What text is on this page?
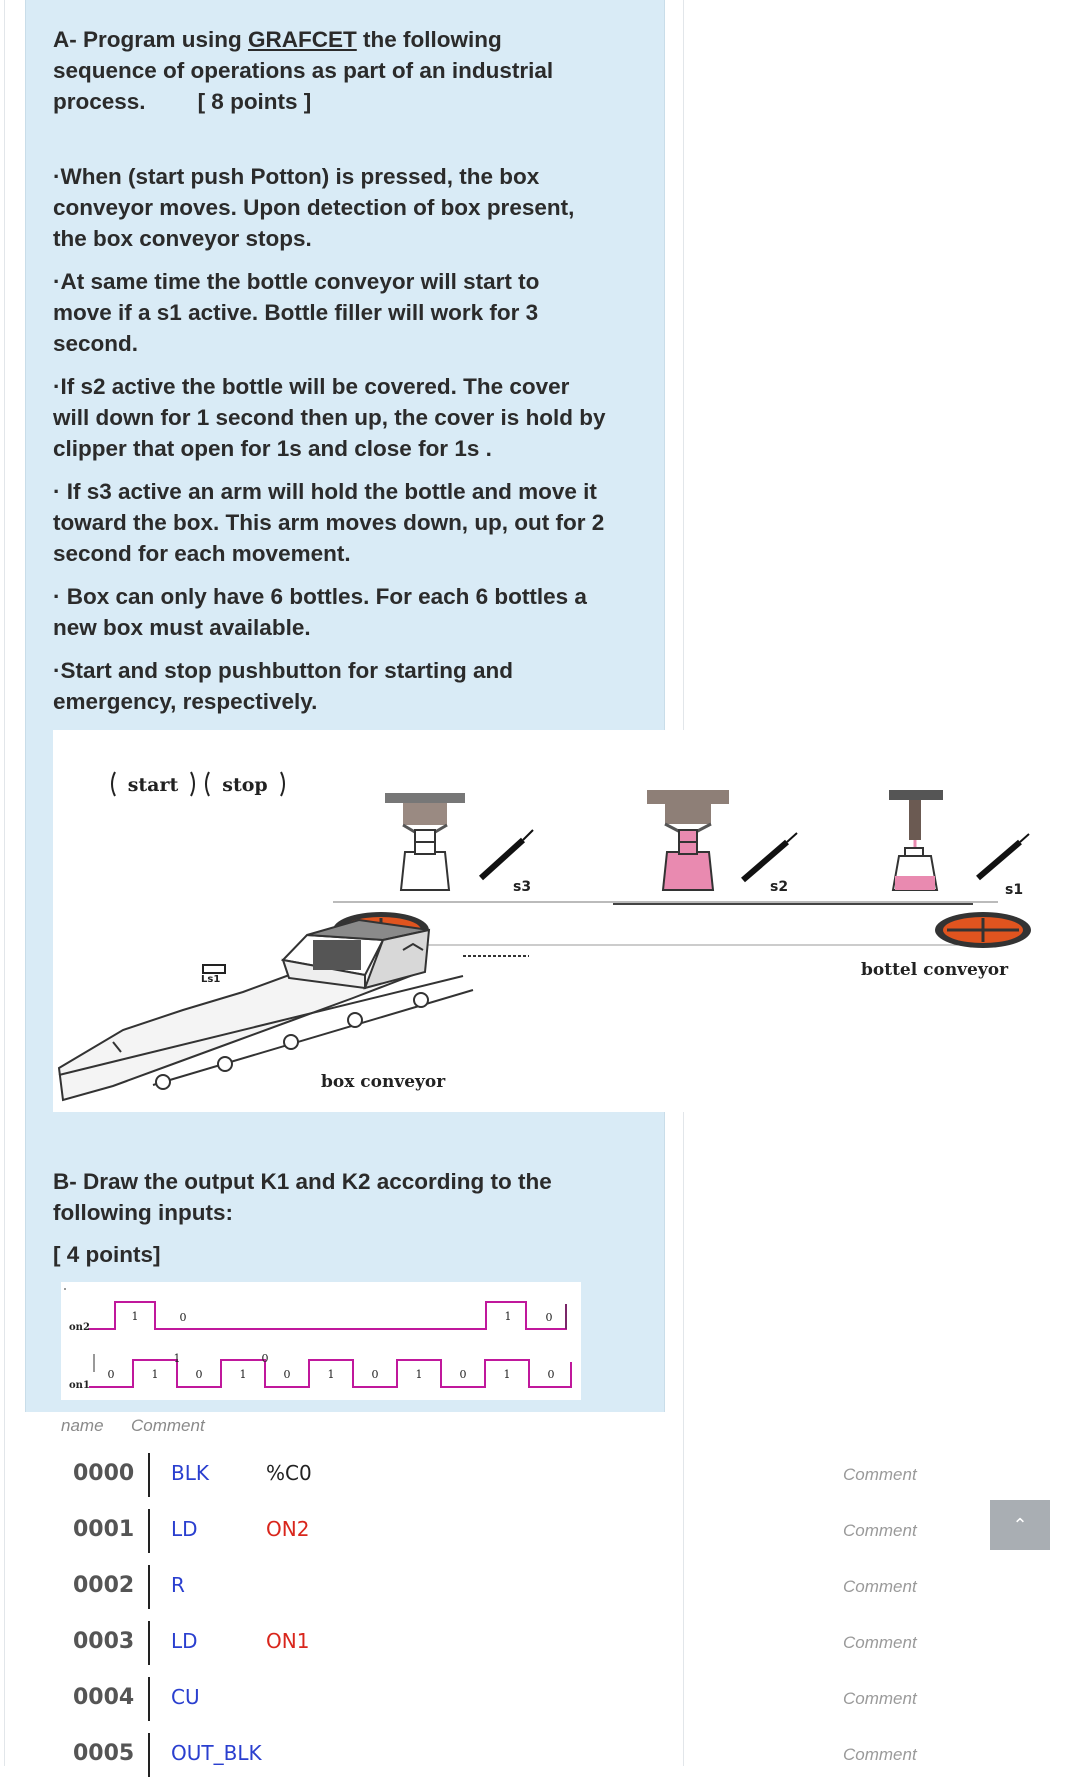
A- Program using GRAFCET the following
sequence of operations as part of an industrial
process. [ 8 points ]
·When (start push Potton) is pressed, the box
conveyor moves. Upon detection of box present,
the box conveyor stops.
·At same time the bottle conveyor will start to
move if a s1 active. Bottle filler will work for 3
second.
·If s2 active the bottle will be covered. The cover
will down for 1 second then up, the cover is hold by
clipper that open for 1s and close for 1s .
· If s3 active an arm will hold the bottle and move it
toward the box. This arm moves down, up, out for 2
second for each movement.
· Box can only have 6 bottles. For each 6 bottles a
new box must available.
·Start and stop pushbutton for starting and
emergency, respectively.
start stop
s3	s2	s1
bottel conveyor
Ls1
box conveyor
B- Draw the output K1 and K2 according to the
following inputs:
[ 4 points]
on2
on1
1	0	1	0
0	1	0	1	0	1	0	1	0	1	0
1	0
name Comment
0000 BLK	%C0	Comment
0001 LD	ON2	Comment
0002 R	Comment
0003 LD	ON1	Comment
0004 CU	Comment
0005 OUT_BLK	Comment
⌃
